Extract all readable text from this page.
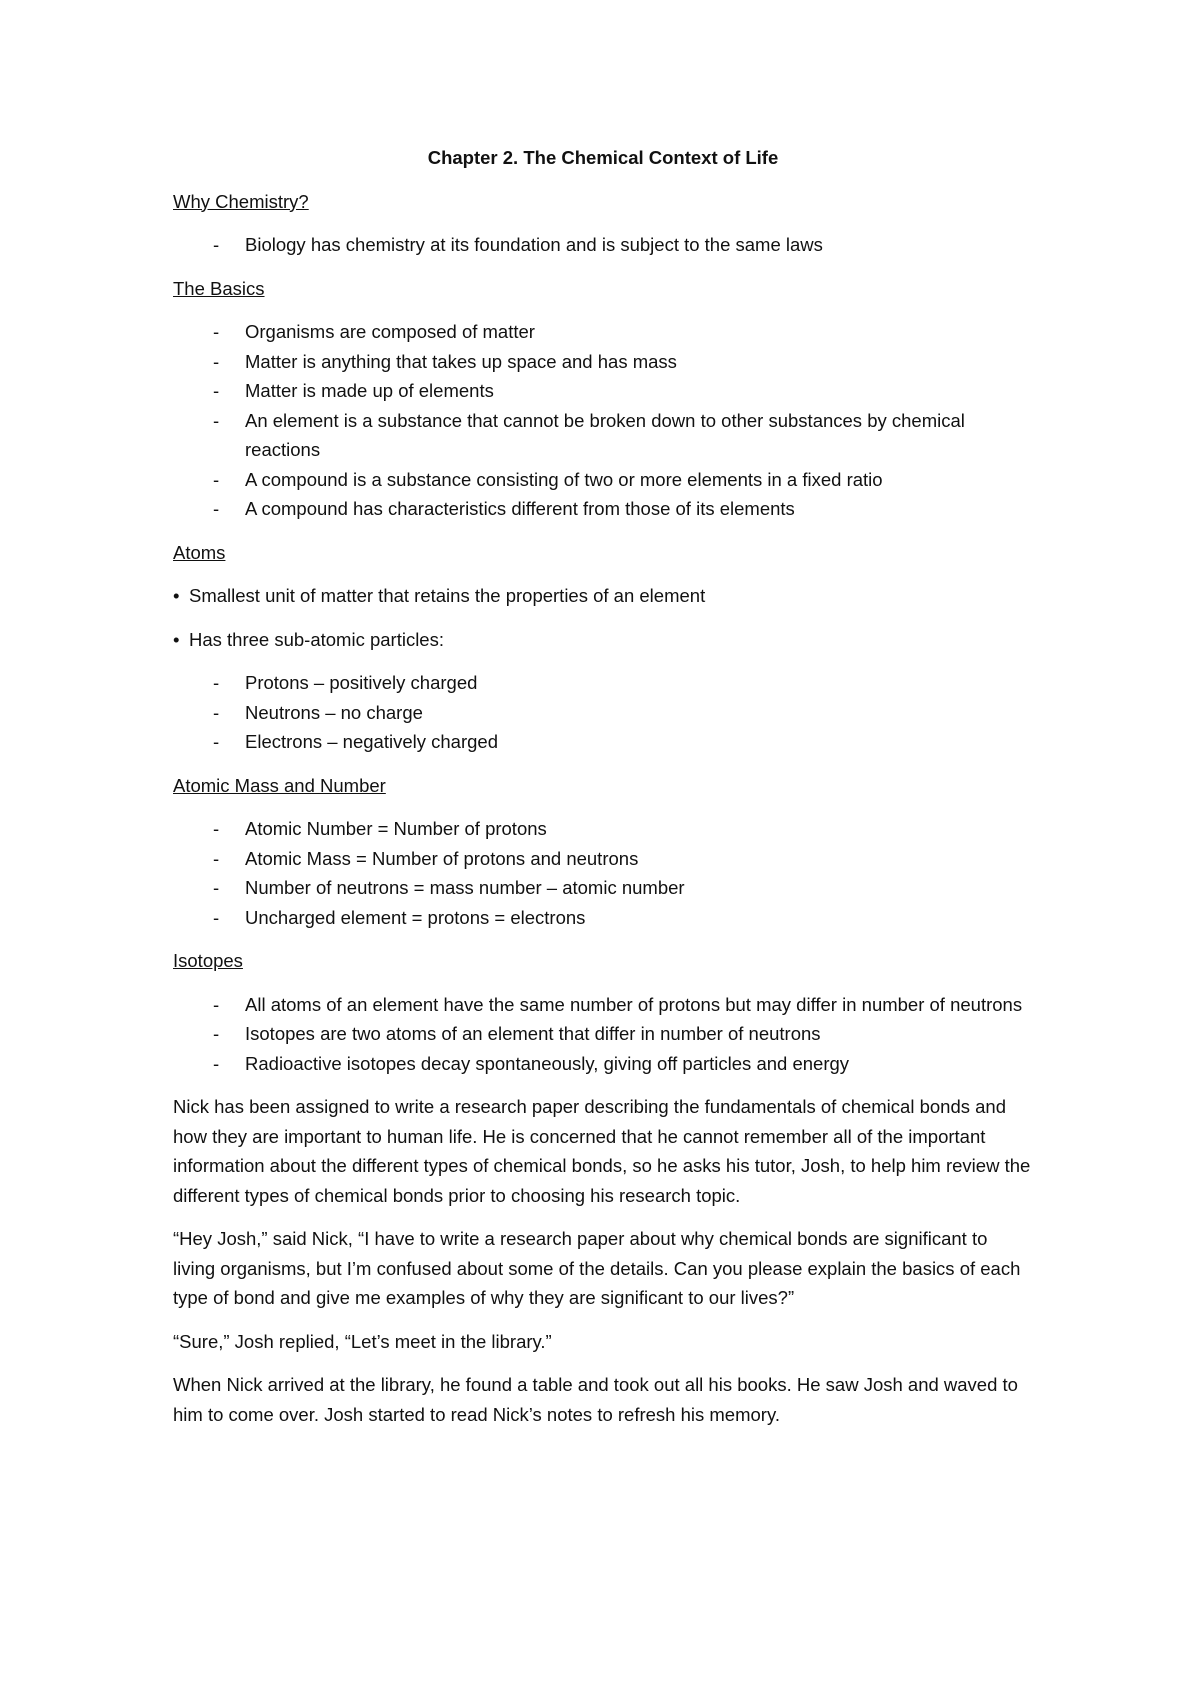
Chapter 2. The Chemical Context of Life
Why Chemistry?
- Biology has chemistry at its foundation and is subject to the same laws
The Basics
- Organisms are composed of matter
- Matter is anything that takes up space and has mass
- Matter is made up of elements
- An element is a substance that cannot be broken down to other substances by chemical reactions
- A compound is a substance consisting of two or more elements in a fixed ratio
- A compound has characteristics different from those of its elements
Atoms
• Smallest unit of matter that retains the properties of an element
• Has three sub-atomic particles:
- Protons – positively charged
- Neutrons – no charge
- Electrons – negatively charged
Atomic Mass and Number
- Atomic Number = Number of protons
- Atomic Mass = Number of protons and neutrons
- Number of neutrons = mass number – atomic number
- Uncharged element = protons = electrons
Isotopes
- All atoms of an element have the same number of protons but may differ in number of neutrons
- Isotopes are two atoms of an element that differ in number of neutrons
- Radioactive isotopes decay spontaneously, giving off particles and energy

Nick has been assigned to write a research paper describing the fundamentals of chemical bonds and how they are important to human life. He is concerned that he cannot remember all of the important information about the different types of chemical bonds, so he asks his tutor, Josh, to help him review the different types of chemical bonds prior to choosing his research topic.

“Hey Josh,” said Nick, “I have to write a research paper about why chemical bonds are significant to living organisms, but I’m confused about some of the details. Can you please explain the basics of each type of bond and give me examples of why they are significant to our lives?”

“Sure,” Josh replied, “Let’s meet in the library.”

When Nick arrived at the library, he found a table and took out all his books. He saw Josh and waved to him to come over. Josh started to read Nick’s notes to refresh his memory.
